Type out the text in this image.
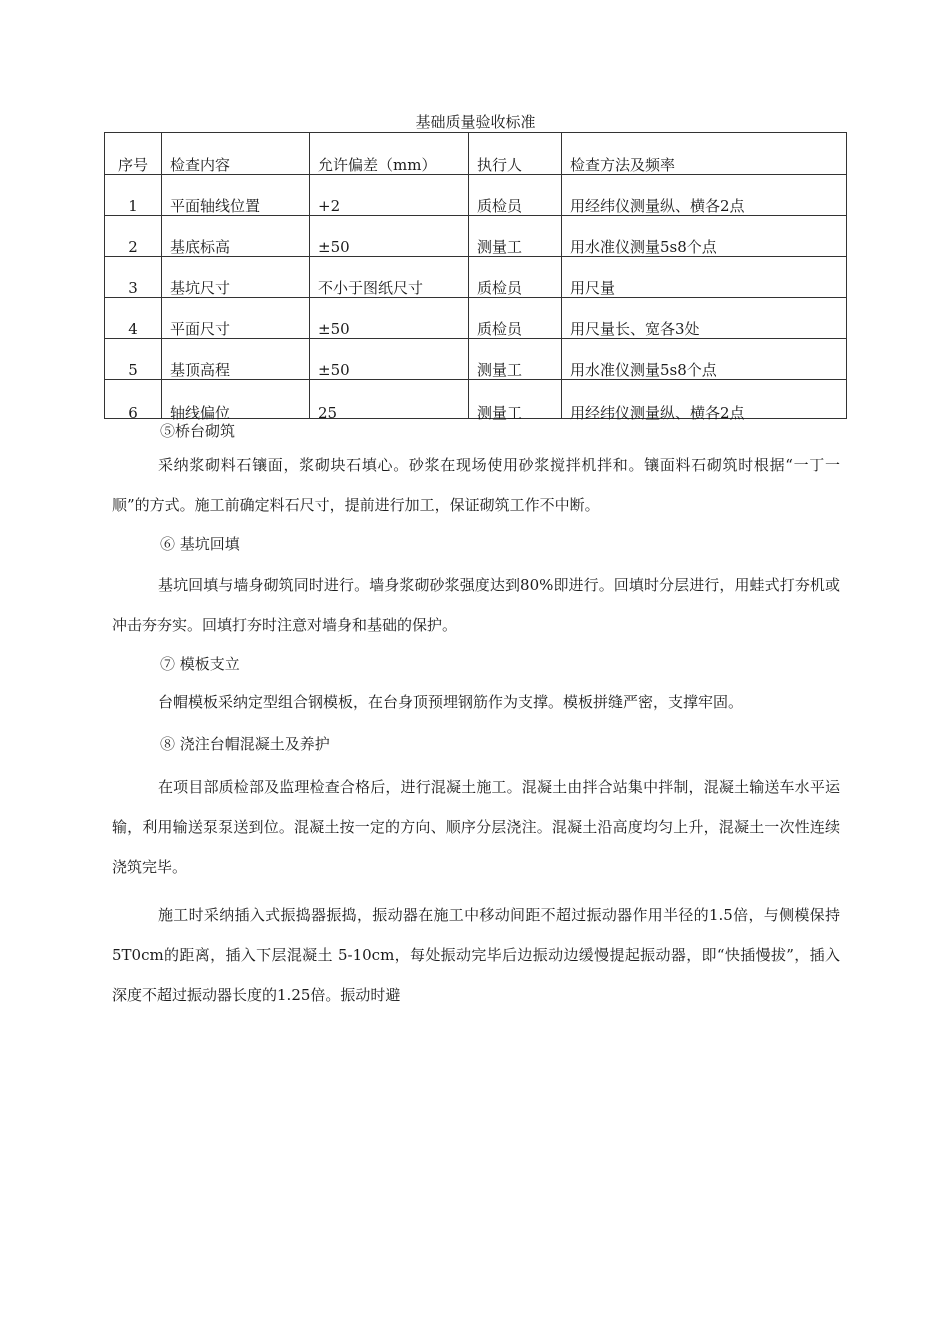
基础质量验收标准
序号	检查内容	允许偏差（mm）	执行人	检查方法及频率
1	平面轴线位置	+2	质检员	用经纬仪测量纵、横各2点
2	基底标高	±50	测量工	用水准仪测量5s8个点
3	基坑尺寸	不小于图纸尺寸	质检员	用尺量
4	平面尺寸	±50	质检员	用尺量长、宽各3处
5	基顶高程	±50	测量工	用水准仪测量5s8个点
6	轴线偏位	25	测量工	用经纬仪测量纵、横各2点
⑤桥台砌筑
采纳浆砌料石镶面，浆砌块石填心。砂浆在现场使用砂浆搅拌机拌和。镶面料石砌筑时根据“一丁一顺”的方式。施工前确定料石尺寸，提前进行加工，保证砌筑工作不中断。
⑥ 基坑回填
基坑回填与墙身砌筑同时进行。墙身浆砌砂浆强度达到80%即进行。回填时分层进行，用蛙式打夯机或冲击夯夯实。回填打夯时注意对墙身和基础的保护。
⑦ 模板支立
台帽模板采纳定型组合钢模板，在台身顶预埋钢筋作为支撑。模板拼缝严密，支撑牢固。
⑧ 浇注台帽混凝土及养护
在项目部质检部及监理检查合格后，进行混凝土施工。混凝土由拌合站集中拌制，混凝土输送车水平运输，利用输送泵泵送到位。混凝土按一定的方向、顺序分层浇注。混凝土沿高度均匀上升，混凝土一次性连续浇筑完毕。
施工时采纳插入式振捣器振捣，振动器在施工中移动间距不超过振动器作用半径的1.5倍，与侧模保持5T0cm的距离，插入下层混凝土 5-10cm，每处振动完毕后边振动边缓慢提起振动器，即“快插慢拔”，插入深度不超过振动器长度的1.25倍。振动时避
